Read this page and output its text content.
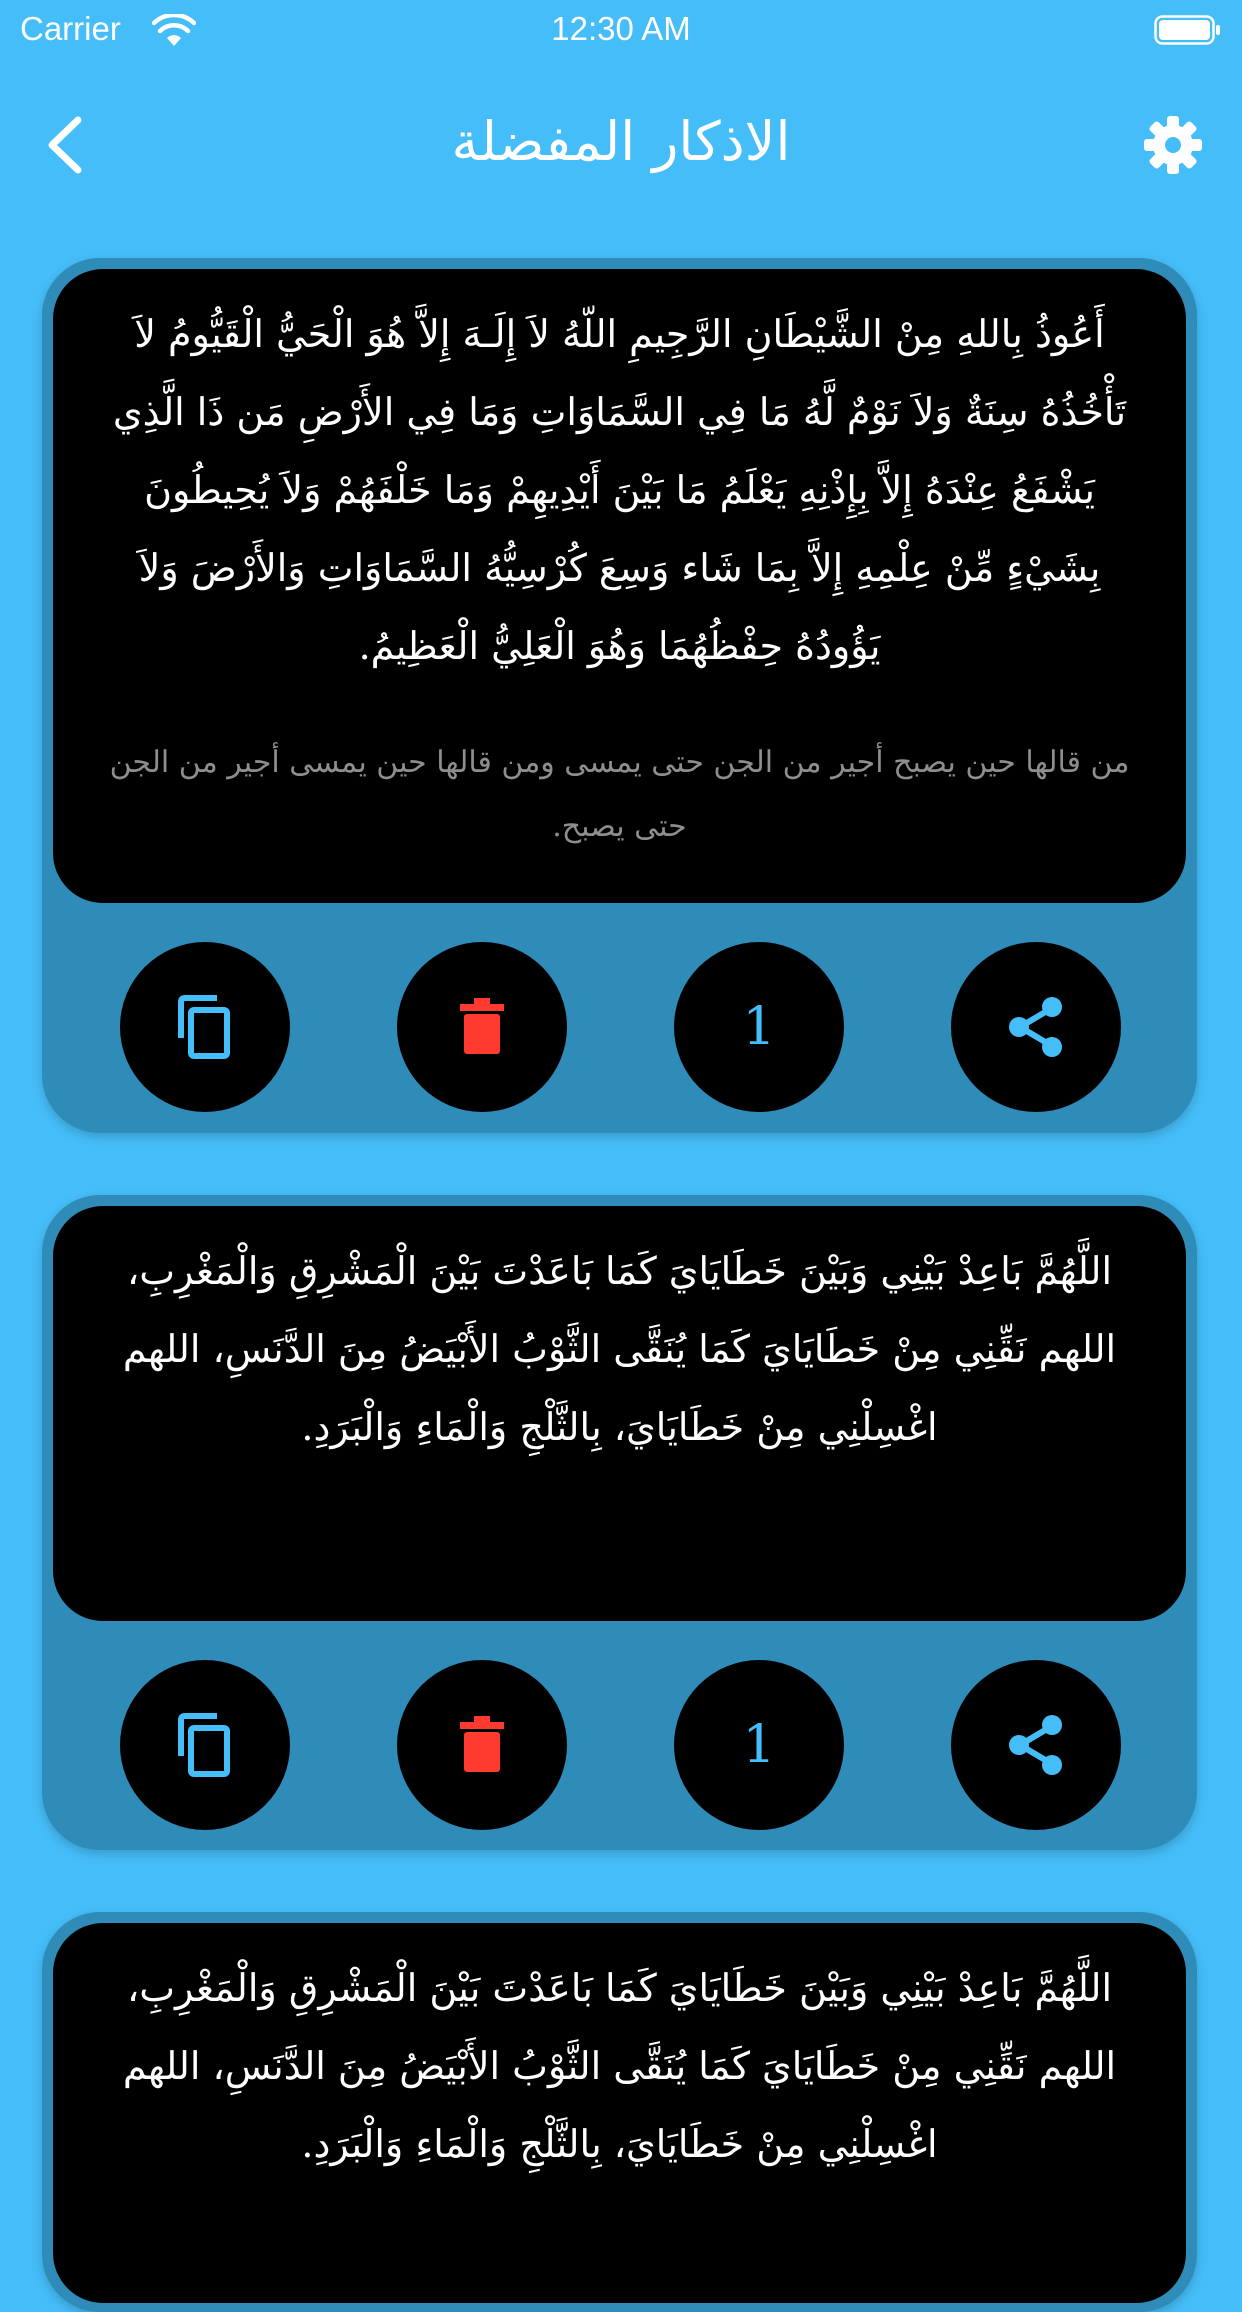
Carrier	12:30 AM
الاذكار المفضلة

أَعُوذُ بِاللهِ مِنْ الشَّيْطَانِ الرَّجِيمِ اللّهُ لاَ إِلَـهَ إِلاَّ هُوَ الْحَيُّ الْقَيُّومُ لاَ تَأْخُذُهُ سِنَةٌ وَلاَ نَوْمٌ لَّهُ مَا فِي السَّمَاوَاتِ وَمَا فِي الأَرْضِ مَن ذَا الَّذِي يَشْفَعُ عِنْدَهُ إِلاَّ بِإِذْنِهِ يَعْلَمُ مَا بَيْنَ أَيْدِيهِمْ وَمَا خَلْفَهُمْ وَلاَ يُحِيطُونَ بِشَيْءٍ مِّنْ عِلْمِهِ إِلاَّ بِمَا شَاء وَسِعَ كُرْسِيُّهُ السَّمَاوَاتِ وَالأَرْضَ وَلاَ يَؤُودُهُ حِفْظُهُمَا وَهُوَ الْعَلِيُّ الْعَظِيمُ.

من قالها حين يصبح أجير من الجن حتى يمسى ومن قالها حين يمسى أجير من الجن حتى يصبح.
1

اللَّهُمَّ بَاعِدْ بَيْنِي وَبَيْنَ خَطَايَايَ كَمَا بَاعَدْتَ بَيْنَ الْمَشْرِقِ وَالْمَغْرِبِ، اللهم نَقِّنِي مِنْ خَطَايَايَ كَمَا يُنَقَّى الثَّوْبُ الأَبْيَضُ مِنَ الدَّنَسِ، اللهم اغْسِلْنِي مِنْ خَطَايَايَ، بِالثَّلْجِ وَالْمَاءِ وَالْبَرَدِ.

1

اللَّهُمَّ بَاعِدْ بَيْنِي وَبَيْنَ خَطَايَايَ كَمَا بَاعَدْتَ بَيْنَ الْمَشْرِقِ وَالْمَغْرِبِ، اللهم نَقِّنِي مِنْ خَطَايَايَ كَمَا يُنَقَّى الثَّوْبُ الأَبْيَضُ مِنَ الدَّنَسِ، اللهم اغْسِلْنِي مِنْ خَطَايَايَ، بِالثَّلْجِ وَالْمَاءِ وَالْبَرَدِ.
